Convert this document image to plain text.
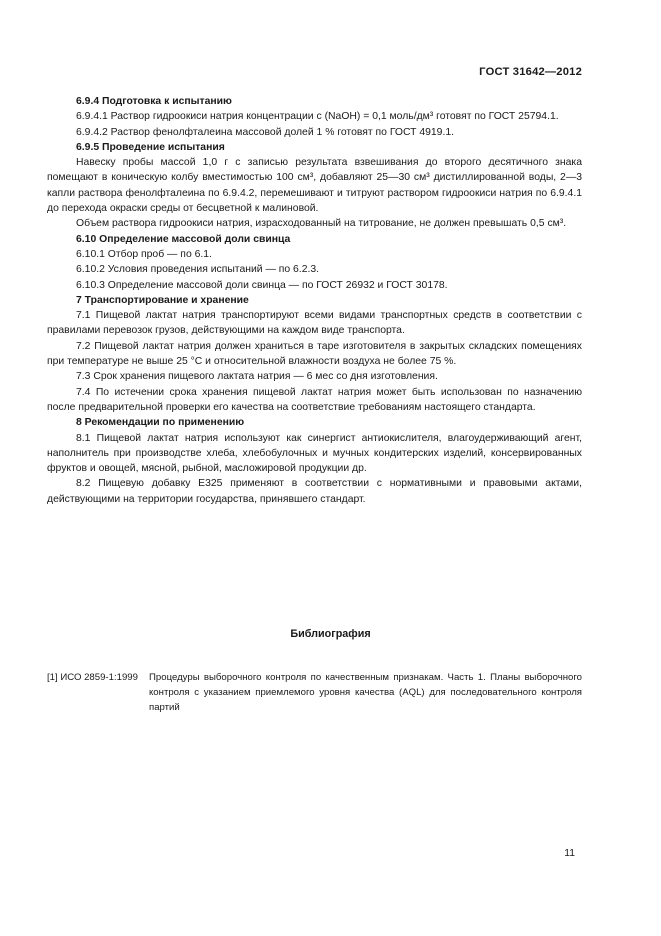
ГОСТ 31642—2012

6.9.4 Подготовка к испытанию

6.9.4.1 Раствор гидроокиси натрия концентрации c (NaOH) = 0,1 моль/дм³ готовят по ГОСТ 25794.1.

6.9.4.2 Раствор фенолфталеина массовой долей 1 % готовят по ГОСТ 4919.1.

6.9.5 Проведение испытания

Навеску пробы массой 1,0 г с записью результата взвешивания до второго десятичного знака помещают в коническую колбу вместимостью 100 см³, добавляют 25—30 см³ дистиллированной воды, 2—3 капли раствора фенолфталеина по 6.9.4.2, перемешивают и титруют раствором гидроокиси натрия по 6.9.4.1 до перехода окраски среды от бесцветной к малиновой.

Объем раствора гидроокиси натрия, израсходованный на титрование, не должен превышать 0,5 см³.

6.10 Определение массовой доли свинца

6.10.1 Отбор проб — по 6.1.

6.10.2 Условия проведения испытаний — по 6.2.3.

6.10.3 Определение массовой доли свинца — по ГОСТ 26932 и ГОСТ 30178.

7 Транспортирование и хранение

7.1 Пищевой лактат натрия транспортируют всеми видами транспортных средств в соответствии с правилами перевозок грузов, действующими на каждом виде транспорта.

7.2 Пищевой лактат натрия должен храниться в таре изготовителя в закрытых складских помещениях при температуре не выше 25 °С и относительной влажности воздуха не более 75 %.

7.3 Срок хранения пищевого лактата натрия — 6 мес со дня изготовления.

7.4 По истечении срока хранения пищевой лактат натрия может быть использован по назначению после предварительной проверки его качества на соответствие требованиям настоящего стандарта.

8 Рекомендации по применению

8.1 Пищевой лактат натрия используют как синергист антиокислителя, влагоудерживающий агент, наполнитель при производстве хлеба, хлебобулочных и мучных кондитерских изделий, консервированных фруктов и овощей, мясной, рыбной, масложировой продукции др.

8.2 Пищевую добавку Е325 применяют в соответствии с нормативными и правовыми актами, действующими на территории государства, принявшего стандарт.

Библиография
[1] ИСО 2859-1:1999	Процедуры выборочного контроля по качественным признакам. Часть 1. Планы выборочного контроля с указанием приемлемого уровня качества (AQL) для последовательного контроля партий
11
